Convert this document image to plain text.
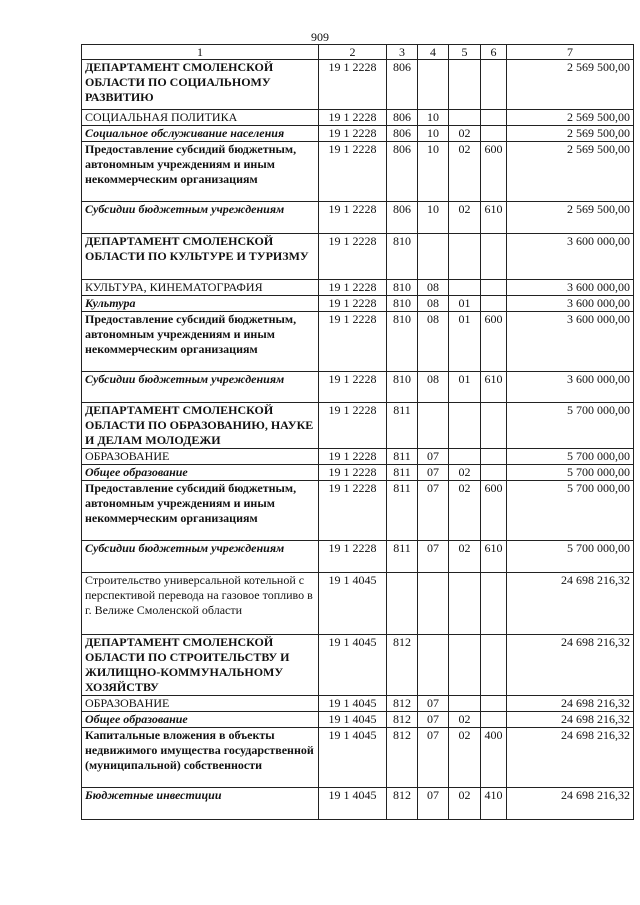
909
1	2	3	4	5	6	7
ДЕПАРТАМЕНТ СМОЛЕНСКОЙ ОБЛАСТИ ПО СОЦИАЛЬНОМУ РАЗВИТИЮ	19 1 2228	806				2 569 500,00
СОЦИАЛЬНАЯ ПОЛИТИКА	19 1 2228	806	10			2 569 500,00
Социальное обслуживание населения	19 1 2228	806	10	02		2 569 500,00
Предоставление субсидий бюджетным, автономным учреждениям и иным некоммерческим организациям	19 1 2228	806	10	02	600	2 569 500,00
Субсидии бюджетным учреждениям	19 1 2228	806	10	02	610	2 569 500,00
ДЕПАРТАМЕНТ СМОЛЕНСКОЙ ОБЛАСТИ ПО КУЛЬТУРЕ И ТУРИЗМУ	19 1 2228	810				3 600 000,00
КУЛЬТУРА, КИНЕМАТОГРАФИЯ	19 1 2228	810	08			3 600 000,00
Культура	19 1 2228	810	08	01		3 600 000,00
Предоставление субсидий бюджетным, автономным учреждениям и иным некоммерческим организациям	19 1 2228	810	08	01	600	3 600 000,00
Субсидии бюджетным учреждениям	19 1 2228	810	08	01	610	3 600 000,00
ДЕПАРТАМЕНТ СМОЛЕНСКОЙ ОБЛАСТИ ПО ОБРАЗОВАНИЮ, НАУКЕ И ДЕЛАМ МОЛОДЕЖИ	19 1 2228	811				5 700 000,00
ОБРАЗОВАНИЕ	19 1 2228	811	07			5 700 000,00
Общее образование	19 1 2228	811	07	02		5 700 000,00
Предоставление субсидий бюджетным, автономным учреждениям и иным некоммерческим организациям	19 1 2228	811	07	02	600	5 700 000,00
Субсидии бюджетным учреждениям	19 1 2228	811	07	02	610	5 700 000,00
Строительство универсальной котельной с перспективой перевода на газовое топливо в г. Велиже Смоленской области	19 1 4045					24 698 216,32
ДЕПАРТАМЕНТ СМОЛЕНСКОЙ ОБЛАСТИ ПО СТРОИТЕЛЬСТВУ И ЖИЛИЩНО-КОММУНАЛЬНОМУ ХОЗЯЙСТВУ	19 1 4045	812				24 698 216,32
ОБРАЗОВАНИЕ	19 1 4045	812	07			24 698 216,32
Общее образование	19 1 4045	812	07	02		24 698 216,32
Капитальные вложения в объекты недвижимого имущества государственной (муниципальной) собственности	19 1 4045	812	07	02	400	24 698 216,32
Бюджетные инвестиции	19 1 4045	812	07	02	410	24 698 216,32
